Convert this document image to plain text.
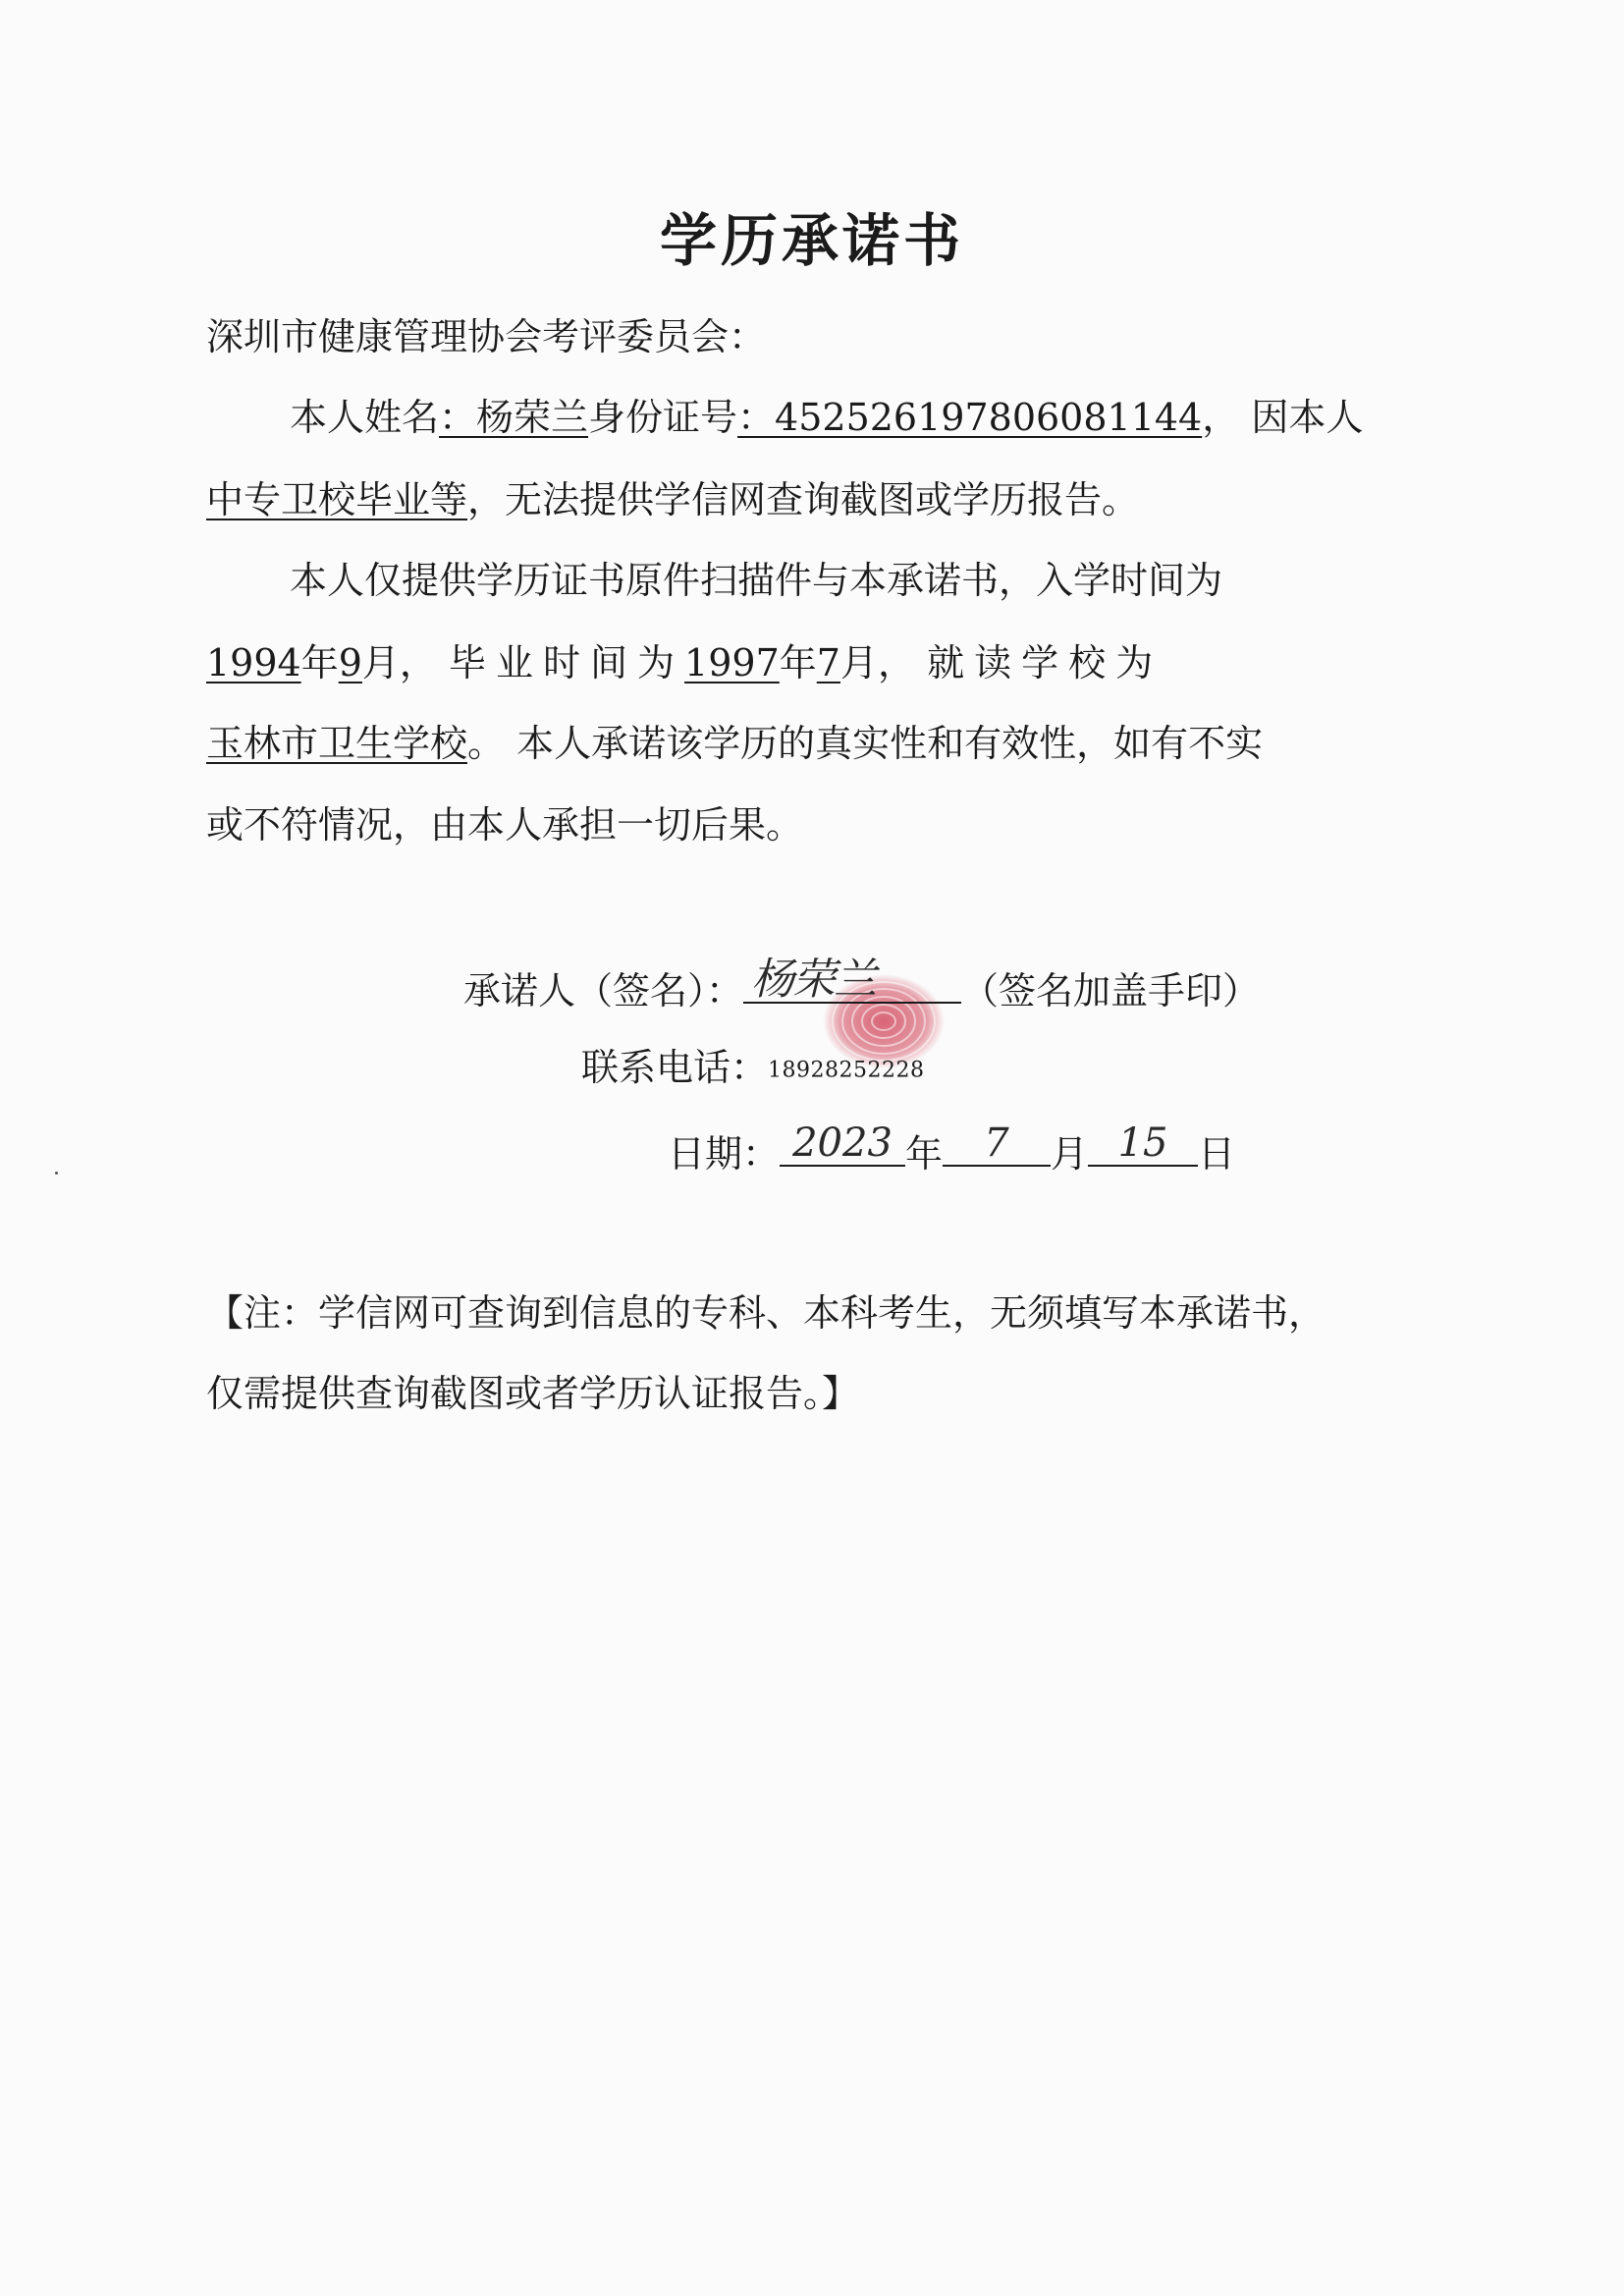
学历承诺书
深圳市健康管理协会考评委员会：
本人姓名：杨荣兰身份证号：452526197806081144， 因本人
中专卫校毕业等，无法提供学信网查询截图或学历报告。
本人仅提供学历证书原件扫描件与本承诺书，入学时间为
1994年9月， 毕业时间为1997年7月， 就读学校为
玉林市卫生学校。 本人承诺该学历的真实性和有效性，如有不实
或不符情况，由本人承担一切后果。
承诺人（签名）： 杨荣兰	（签名加盖手印）
联系电话：18928252228
日期： 2023 年	7	月 15 日
【注：学信网可查询到信息的专科、本科考生，无须填写本承诺书，
仅需提供查询截图或者学历认证报告。】
